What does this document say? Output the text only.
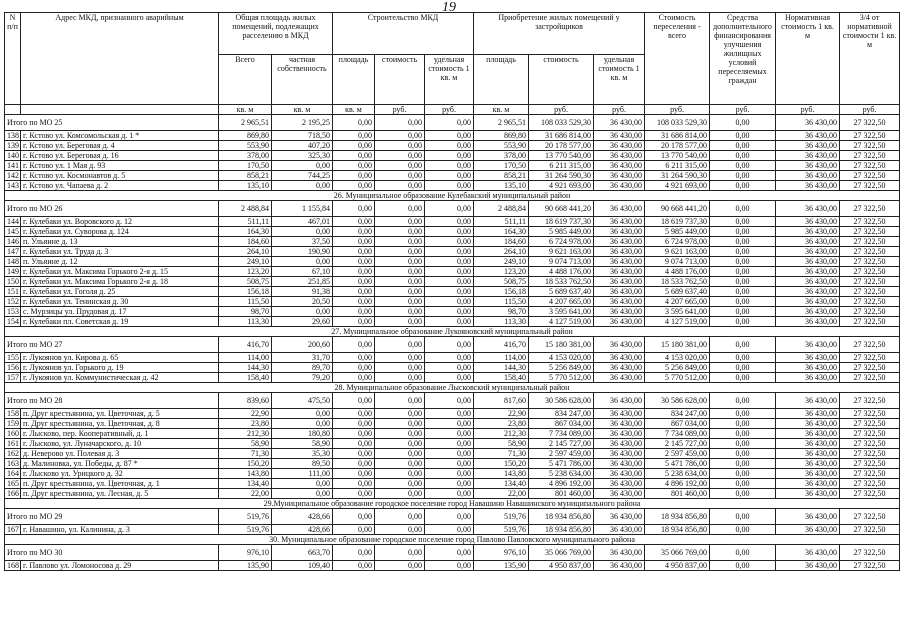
19
N п/п	Адрес МКД, признанного аварийным	Общая площадь жилых помещений, подлежащих расселению в МКД		Строительство МКД			Приобретение жилых помещений у застройщиков			Стоимость переселения - всего	Средства дополнительного финансирования улучшения жилищных условий переселяемых граждан	Нормативная стоимость 1 кв. м	3/4 от нормативной стоимости 1 кв. м
		Всего	частная собственность	площадь	стоимость	удельная стоимость 1 кв. м	площадь	стоимость	удельная стоимость 1 кв. м				
		кв. м	кв. м	кв. м	руб.	руб.	кв. м	руб.	руб.	руб.	руб.	руб.	руб.
Итого по МО 25		2 965,51	2 195,25	0,00	0,00	0,00	2 965,51	108 033 529,30	36 430,00	108 033 529,30	0,00	36 430,00	27 322,50
138	г. Кстово ул. Комсомольская д. 1 *	869,80	718,50	0,00	0,00	0,00	869,80	31 686 814,00	36 430,00	31 686 814,00	0,00	36 430,00	27 322,50
139	г. Кстово ул. Береговая д. 4	553,90	407,20	0,00	0,00	0,00	553,90	20 178 577,00	36 430,00	20 178 577,00	0,00	36 430,00	27 322,50
140	г. Кстово ул. Береговая д. 16	378,00	325,30	0,00	0,00	0,00	378,00	13 770 540,00	36 430,00	13 770 540,00	0,00	36 430,00	27 322,50
141	г. Кстово ул. 1 Мая д. 93	170,50	0,00	0,00	0,00	0,00	170,50	6 211 315,00	36 430,00	6 211 315,00	0,00	36 430,00	27 322,50
142	г. Кстово ул. Космонавтов д. 5	858,21	744,25	0,00	0,00	0,00	858,21	31 264 590,30	36 430,00	31 264 590,30	0,00	36 430,00	27 322,50
143	г. Кстово ул. Чапаева д. 2	135,10	0,00	0,00	0,00	0,00	135,10	4 921 693,00	36 430,00	4 921 693,00	0,00	36 430,00	27 322,50
26. Муниципальное образование Кулебакский муниципальный район													
Итого по МО 26		2 488,84	1 155,84	0,00	0,00	0,00	2 488,84	90 668 441,20	36 430,00	90 668 441,20	0,00	36 430,00	27 322,50
144	г. Кулебаки ул. Воровского д. 12	511,11	467,01	0,00	0,00	0,00	511,11	18 619 737,30	36 430,00	18 619 737,30	0,00	36 430,00	27 322,50
145	г. Кулебаки ул. Суворова д. 124	164,30	0,00	0,00	0,00	0,00	164,30	5 985 449,00	36 430,00	5 985 449,00	0,00	36 430,00	27 322,50
146	п. Ульяине д. 13	184,60	37,50	0,00	0,00	0,00	184,60	6 724 978,00	36 430,00	6 724 978,00	0,00	36 430,00	27 322,50
147	г. Кулебаки ул. Труда д. 3	264,10	190,90	0,00	0,00	0,00	264,10	9 621 163,00	36 430,00	9 621 163,00	0,00	36 430,00	27 322,50
148	п. Ульяине д. 12	249,10	0,00	0,00	0,00	0,00	249,10	9 074 713,00	36 430,00	9 074 713,00	0,00	36 430,00	27 322,50
149	г. Кулебаки ул. Максима Горького 2-я д. 15	123,20	67,10	0,00	0,00	0,00	123,20	4 488 176,00	36 430,00	4 488 176,00	0,00	36 430,00	27 322,50
150	г. Кулебаки ул. Максима Горького 2-я д. 18	508,75	251,85	0,00	0,00	0,00	508,75	18 533 762,50	36 430,00	18 533 762,50	0,00	36 430,00	27 322,50
151	г. Кулебаки ул. Гоголя д. 25	156,18	91,38	0,00	0,00	0,00	156,18	5 689 637,40	36 430,00	5 689 637,40	0,00	36 430,00	27 322,50
152	г. Кулебаки ул. Тенинская д. 30	115,50	20,50	0,00	0,00	0,00	115,50	4 207 665,00	36 430,00	4 207 665,00	0,00	36 430,00	27 322,50
153	с. Мурзицы ул. Прудовая д. 17	98,70	0,00	0,00	0,00	0,00	98,70	3 595 641,00	36 430,00	3 595 641,00	0,00	36 430,00	27 322,50
154	г. Кулебаки пл. Советская д. 19	113,30	29,60	0,00	0,00	0,00	113,30	4 127 519,00	36 430,00	4 127 519,00	0,00	36 430,00	27 322,50
27. Муниципальное образование Лукояновский муниципальный район													
Итого по МО 27		416,70	200,60	0,00	0,00	0,00	416,70	15 180 381,00	36 430,00	15 180 381,00	0,00	36 430,00	27 322,50
155	г. Лукоянов ул. Кирова д. 65	114,00	31,70	0,00	0,00	0,00	114,00	4 153 020,00	36 430,00	4 153 020,00	0,00	36 430,00	27 322,50
156	г. Лукоянов ул. Горького д. 19	144,30	89,70	0,00	0,00	0,00	144,30	5 256 849,00	36 430,00	5 256 849,00	0,00	36 430,00	27 322,50
157	г. Лукоянов ул. Коммунистическая д. 42	158,40	79,20	0,00	0,00	0,00	158,40	5 770 512,00	36 430,00	5 770 512,00	0,00	36 430,00	27 322,50
28. Муниципальное образование Лысковский муниципальный район													
Итого по МО 28		839,60	475,50	0,00	0,00	0,00	817,60	30 586 628,00	36 430,00	30 586 628,00	0,00	36 430,00	27 322,50
158	п. Друг крестьянина, ул. Цветочная, д. 5	22,90	0,00	0,00	0,00	0,00	22,90	834 247,00	36 430,00	834 247,00	0,00	36 430,00	27 322,50
159	п. Друг крестьянина, ул. Цветочная, д. 8	23,80	0,00	0,00	0,00	0,00	23,80	867 034,00	36 430,00	867 034,00	0,00	36 430,00	27 322,50
160	г. Лысково, пер. Кооперативный, д. 1	212,30	180,80	0,00	0,00	0,00	212,30	7 734 089,00	36 430,00	7 734 089,00	0,00	36 430,00	27 322,50
161	г. Лысково, ул. Луначарского, д. 10	58,90	58,90	0,00	0,00	0,00	58,90	2 145 727,00	36 430,00	2 145 727,00	0,00	36 430,00	27 322,50
162	д. Неверово ул. Полевая д. 3	71,30	35,30	0,00	0,00	0,00	71,30	2 597 459,00	36 430,00	2 597 459,00	0,00	36 430,00	27 322,50
163	д. Малиновка, ул. Победы, д. 87 *	150,20	89,50	0,00	0,00	0,00	150,20	5 471 786,00	36 430,00	5 471 786,00	0,00	36 430,00	27 322,50
164	г. Лысково ул. Урицкого д. 32	143,80	111,00	0,00	0,00	0,00	143,80	5 238 634,00	36 430,00	5 238 634,00	0,00	36 430,00	27 322,50
165	п. Друг крестьянина, ул. Цветочная, д. 1	134,40	0,00	0,00	0,00	0,00	134,40	4 896 192,00	36 430,00	4 896 192,00	0,00	36 430,00	27 322,50
166	п. Друг крестьянина, ул. Лесная, д. 5	22,00	0,00	0,00	0,00	0,00	22,00	801 460,00	36 430,00	801 460,00	0,00	36 430,00	27 322,50
29.Муниципальное образование городское поселение город Навашино Навашинского муниципального района													
Итого по МО 29		519,76	428,66	0,00	0,00	0,00	519,76	18 934 856,80	36 430,00	18 934 856,80	0,00	36 430,00	27 322,50
167	г. Навашино, ул. Калинина, д. 3	519,76	428,66	0,00	0,00	0,00	519,76	18 934 856,80	36 430,00	18 934 856,80	0,00	36 430,00	27 322,50
30. Муниципальное образование городское поселение город Павлово Павловского муниципального района													
Итого по МО 30		976,10	663,70	0,00	0,00	0,00	976,10	35 066 769,00	36 430,00	35 066 769,00	0,00	36 430,00	27 322,50
168	г. Павлово ул. Ломоносова д. 29	135,90	109,40	0,00	0,00	0,00	135,90	4 950 837,00	36 430,00	4 950 837,00	0,00	36 430,00	27 322,50
